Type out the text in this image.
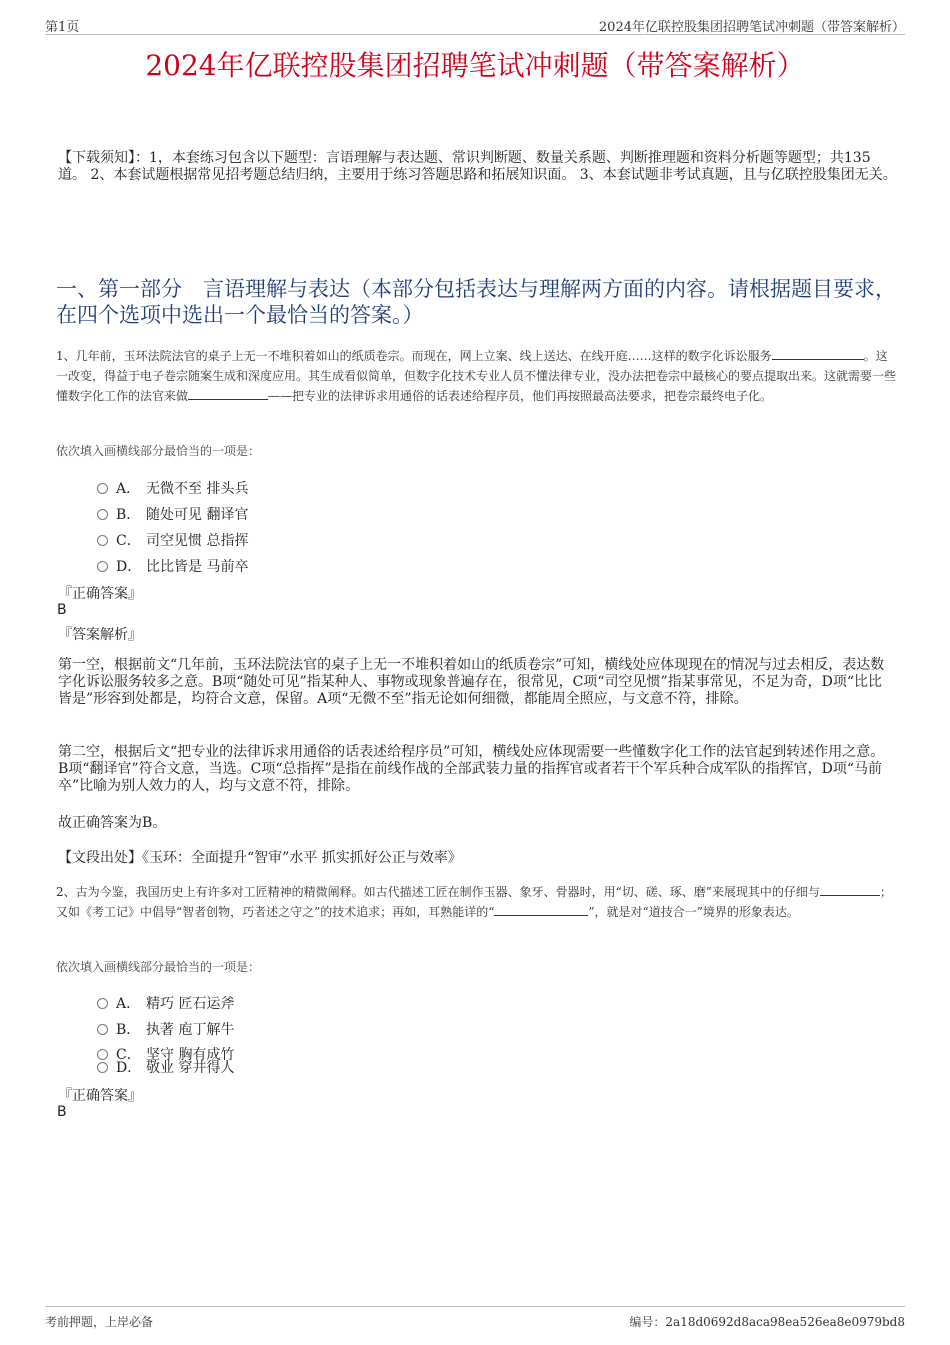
第1页	2024年亿联控股集团招聘笔试冲刺题（带答案解析）
2024年亿联控股集团招聘笔试冲刺题（带答案解析）
【下载须知】：1，本套练习包含以下题型：言语理解与表达题、常识判断题、数量关系题、判断推理题和资料分析题等题型；共135道。 2、本套试题根据常见招考题总结归纳，主要用于练习答题思路和拓展知识面。 3、本套试题非考试真题，且与亿联控股集团无关。
一、第一部分　言语理解与表达（本部分包括表达与理解两方面的内容。请根据题目要求，在四个选项中选出一个最恰当的答案。）
1、几年前，玉环法院法官的桌子上无一不堆积着如山的纸质卷宗。而现在，网上立案、线上送达、在线开庭……这样的数字化诉讼服务	。这一改变，得益于电子卷宗随案生成和深度应用。其生成看似简单，但数字化技术专业人员不懂法律专业，没办法把卷宗中最核心的要点提取出来。这就需要一些懂数字化工作的法官来做	——把专业的法律诉求用通俗的话表述给程序员，他们再按照最高法要求，把卷宗最终电子化。
依次填入画横线部分最恰当的一项是：
A． 无微不至 排头兵
B． 随处可见 翻译官
C． 司空见惯 总指挥
D． 比比皆是 马前卒
『正确答案』
B
『答案解析』
第一空，根据前文“几年前，玉环法院法官的桌子上无一不堆积着如山的纸质卷宗”可知，横线处应体现现在的情况与过去相反，表达数字化诉讼服务较多之意。B项“随处可见”指某种人、事物或现象普遍存在，很常见，C项“司空见惯”指某事常见，不足为奇，D项“比比皆是”形容到处都是，均符合文意，保留。A项“无微不至”指无论如何细微，都能周全照应，与文意不符，排除。
第二空，根据后文“把专业的法律诉求用通俗的话表述给程序员”可知，横线处应体现需要一些懂数字化工作的法官起到转述作用之意。B项“翻译官”符合文意，当选。C项“总指挥”是指在前线作战的全部武装力量的指挥官或者若干个军兵种合成军队的指挥官，D项“马前卒”比喻为别人效力的人，均与文意不符，排除。
故正确答案为B。
【文段出处】《玉环：全面提升“智审”水平 抓实抓好公正与效率》
2、古为今鉴，我国历史上有许多对工匠精神的精微阐释。如古代描述工匠在制作玉器、象牙、骨器时，用“切、磋、琢、磨”来展现其中的仔细与	；又如《考工记》中倡导“智者创物，巧者述之守之”的技术追求；再如，耳熟能详的“	”，就是对“道技合一”境界的形象表达。
依次填入画横线部分最恰当的一项是：
A． 精巧 匠石运斧
B． 执著 庖丁解牛
C． 坚守 胸有成竹
D． 敬业 穿井得人
『正确答案』
B
考前押题，上岸必备	编号：2a18d0692d8aca98ea526ea8e0979bd8
